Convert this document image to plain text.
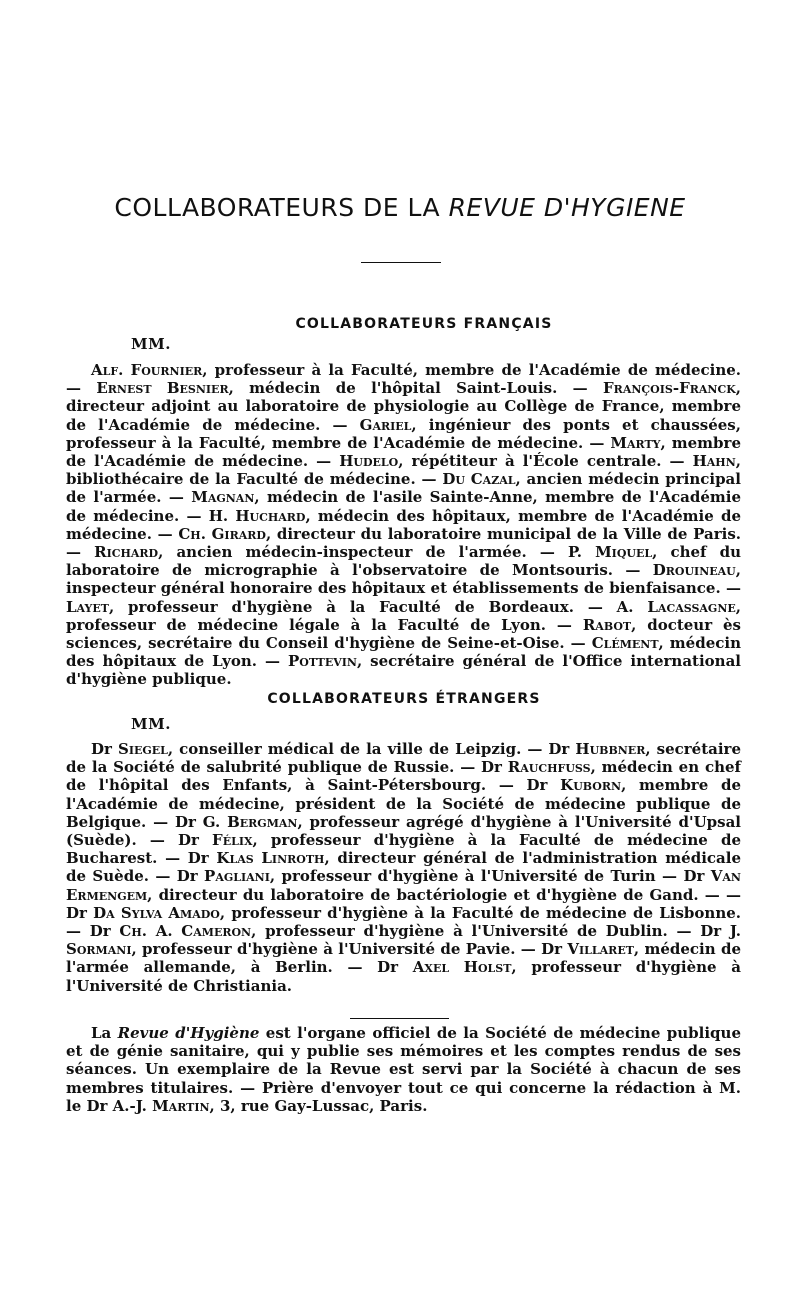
COLLABORATEURS DE LA REVUE D'HYGIENE
COLLABORATEURS FRANÇAIS
MM.

Alf. Fournier, professeur à la Faculté, membre de l'Académie de médecine. — Ernest Besnier, médecin de l'hôpital Saint-Louis. — François-Franck, directeur adjoint au laboratoire de physiologie au Collège de France, membre de l'Académie de médecine. — Gariel, ingénieur des ponts et chaussées, professeur à la Faculté, membre de l'Académie de médecine. — Marty, membre de l'Académie de médecine. — Hudelo, répétiteur à l'École centrale. — Hahn, bibliothécaire de la Faculté de médecine. — Du Cazal, ancien médecin principal de l'armée. — Magnan, médecin de l'asile Sainte-Anne, membre de l'Académie de médecine. — H. Huchard, médecin des hôpitaux, membre de l'Académie de médecine. — Ch. Girard, directeur du laboratoire municipal de la Ville de Paris. — Richard, ancien médecin-inspecteur de l'armée. — P. Miquel, chef du laboratoire de micrographie à l'observatoire de Montsouris. — Drouineau, inspecteur général honoraire des hôpitaux et établissements de bienfaisance. — Layet, professeur d'hygiène à la Faculté de Bordeaux. — A. Lacassagne, professeur de médecine légale à la Faculté de Lyon. — Rabot, docteur ès sciences, secrétaire du Conseil d'hygiène de Seine-et-Oise. — Clément, médecin des hôpitaux de Lyon. — Pottevin, secrétaire général de l'Office international d'hygiène publique.

COLLABORATEURS ÉTRANGERS
MM.

Dr Siegel, conseiller médical de la ville de Leipzig. — Dr Hubbner, secrétaire de la Société de salubrité publique de Russie. — Dr Rauchfuss, médecin en chef de l'hôpital des Enfants, à Saint-Pétersbourg. — Dr Kuborn, membre de l'Académie de médecine, président de la Société de médecine publique de Belgique. — Dr G. Bergman, professeur agrégé d'hygiène à l'Université d'Upsal (Suède). — Dr Félix, professeur d'hygiène à la Faculté de médecine de Bucharest. — Dr Klas Linroth, directeur général de l'administration médicale de Suède. — Dr Pagliani, professeur d'hygiène à l'Université de Turin — Dr Van Ermengem, directeur du laboratoire de bactériologie et d'hygiène de Gand. — — Dr Da Sylva Amado, professeur d'hygiène à la Faculté de médecine de Lisbonne. — Dr Ch. A. Cameron, professeur d'hygiène à l'Université de Dublin. — Dr J. Sormani, professeur d'hygiène à l'Université de Pavie. — Dr Villaret, médecin de l'armée allemande, à Berlin. — Dr Axel Holst, professeur d'hygiène à l'Université de Christiania.

La Revue d'Hygiène est l'organe officiel de la Société de médecine publique et de génie sanitaire, qui y publie ses mémoires et les comptes rendus de ses séances. Un exemplaire de la Revue est servi par la Société à chacun de ses membres titulaires. — Prière d'envoyer tout ce qui concerne la rédaction à M. le Dr A.-J. Martin, 3, rue Gay-Lussac, Paris.
